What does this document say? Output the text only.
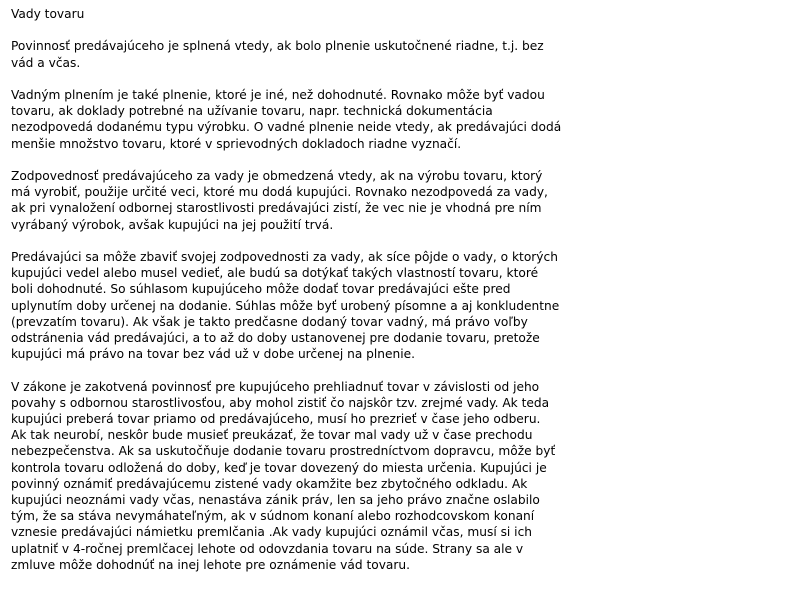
Vady tovaru
Povinnosť predávajúceho je splnená vtedy, ak bolo plnenie uskutočnené riadne, t.j. bez
vád a včas.
Vadným plnením je také plnenie, ktoré je iné, než dohodnuté. Rovnako môže byť vadou
tovaru, ak doklady potrebné na užívanie tovaru, napr. technická dokumentácia
nezodpovedá dodanému typu výrobku. O vadné plnenie neide vtedy, ak predávajúci dodá
menšie množstvo tovaru, ktoré v sprievodných dokladoch riadne vyznačí.
Zodpovednosť predávajúceho za vady je obmedzená vtedy, ak na výrobu tovaru, ktorý
má vyrobiť, použije určité veci, ktoré mu dodá kupujúci. Rovnako nezodpovedá za vady,
ak pri vynaložení odbornej starostlivosti predávajúci zistí, že vec nie je vhodná pre ním
vyrábaný výrobok, avšak kupujúci na jej použití trvá.
Predávajúci sa môže zbaviť svojej zodpovednosti za vady, ak síce pôjde o vady, o ktorých
kupujúci vedel alebo musel vedieť, ale budú sa dotýkať takých vlastností tovaru, ktoré
boli dohodnuté. So súhlasom kupujúceho môže dodať tovar predávajúci ešte pred
uplynutím doby určenej na dodanie. Súhlas môže byť urobený písomne a aj konkludentne
(prevzatím tovaru). Ak však je takto predčasne dodaný tovar vadný, má právo voľby
odstránenia vád predávajúci, a to až do doby ustanovenej pre dodanie tovaru, pretože
kupujúci má právo na tovar bez vád už v dobe určenej na plnenie.
V zákone je zakotvená povinnosť pre kupujúceho prehliadnuť tovar v závislosti od jeho
povahy s odbornou starostlivosťou, aby mohol zistiť čo najskôr tzv. zrejmé vady. Ak teda
kupujúci preberá tovar priamo od predávajúceho, musí ho prezrieť v čase jeho odberu.
Ak tak neurobí, neskôr bude musieť preukázať, že tovar mal vady už v čase prechodu
nebezpečenstva. Ak sa uskutočňuje dodanie tovaru prostredníctvom dopravcu, môže byť
kontrola tovaru odložená do doby, keď je tovar dovezený do miesta určenia. Kupujúci je
povinný oznámiť predávajúcemu zistené vady okamžite bez zbytočného odkladu. Ak
kupujúci neoznámi vady včas, nenastáva zánik práv, len sa jeho právo značne oslabilo
tým, že sa stáva nevymáhateľným, ak v súdnom konaní alebo rozhodcovskom konaní
vznesie predávajúci námietku premlčania .Ak vady kupujúci oznámil včas, musí si ich
uplatniť v 4-ročnej premlčacej lehote od odovzdania tovaru na súde. Strany sa ale v
zmluve môže dohodnúť na inej lehote pre oznámenie vád tovaru.
